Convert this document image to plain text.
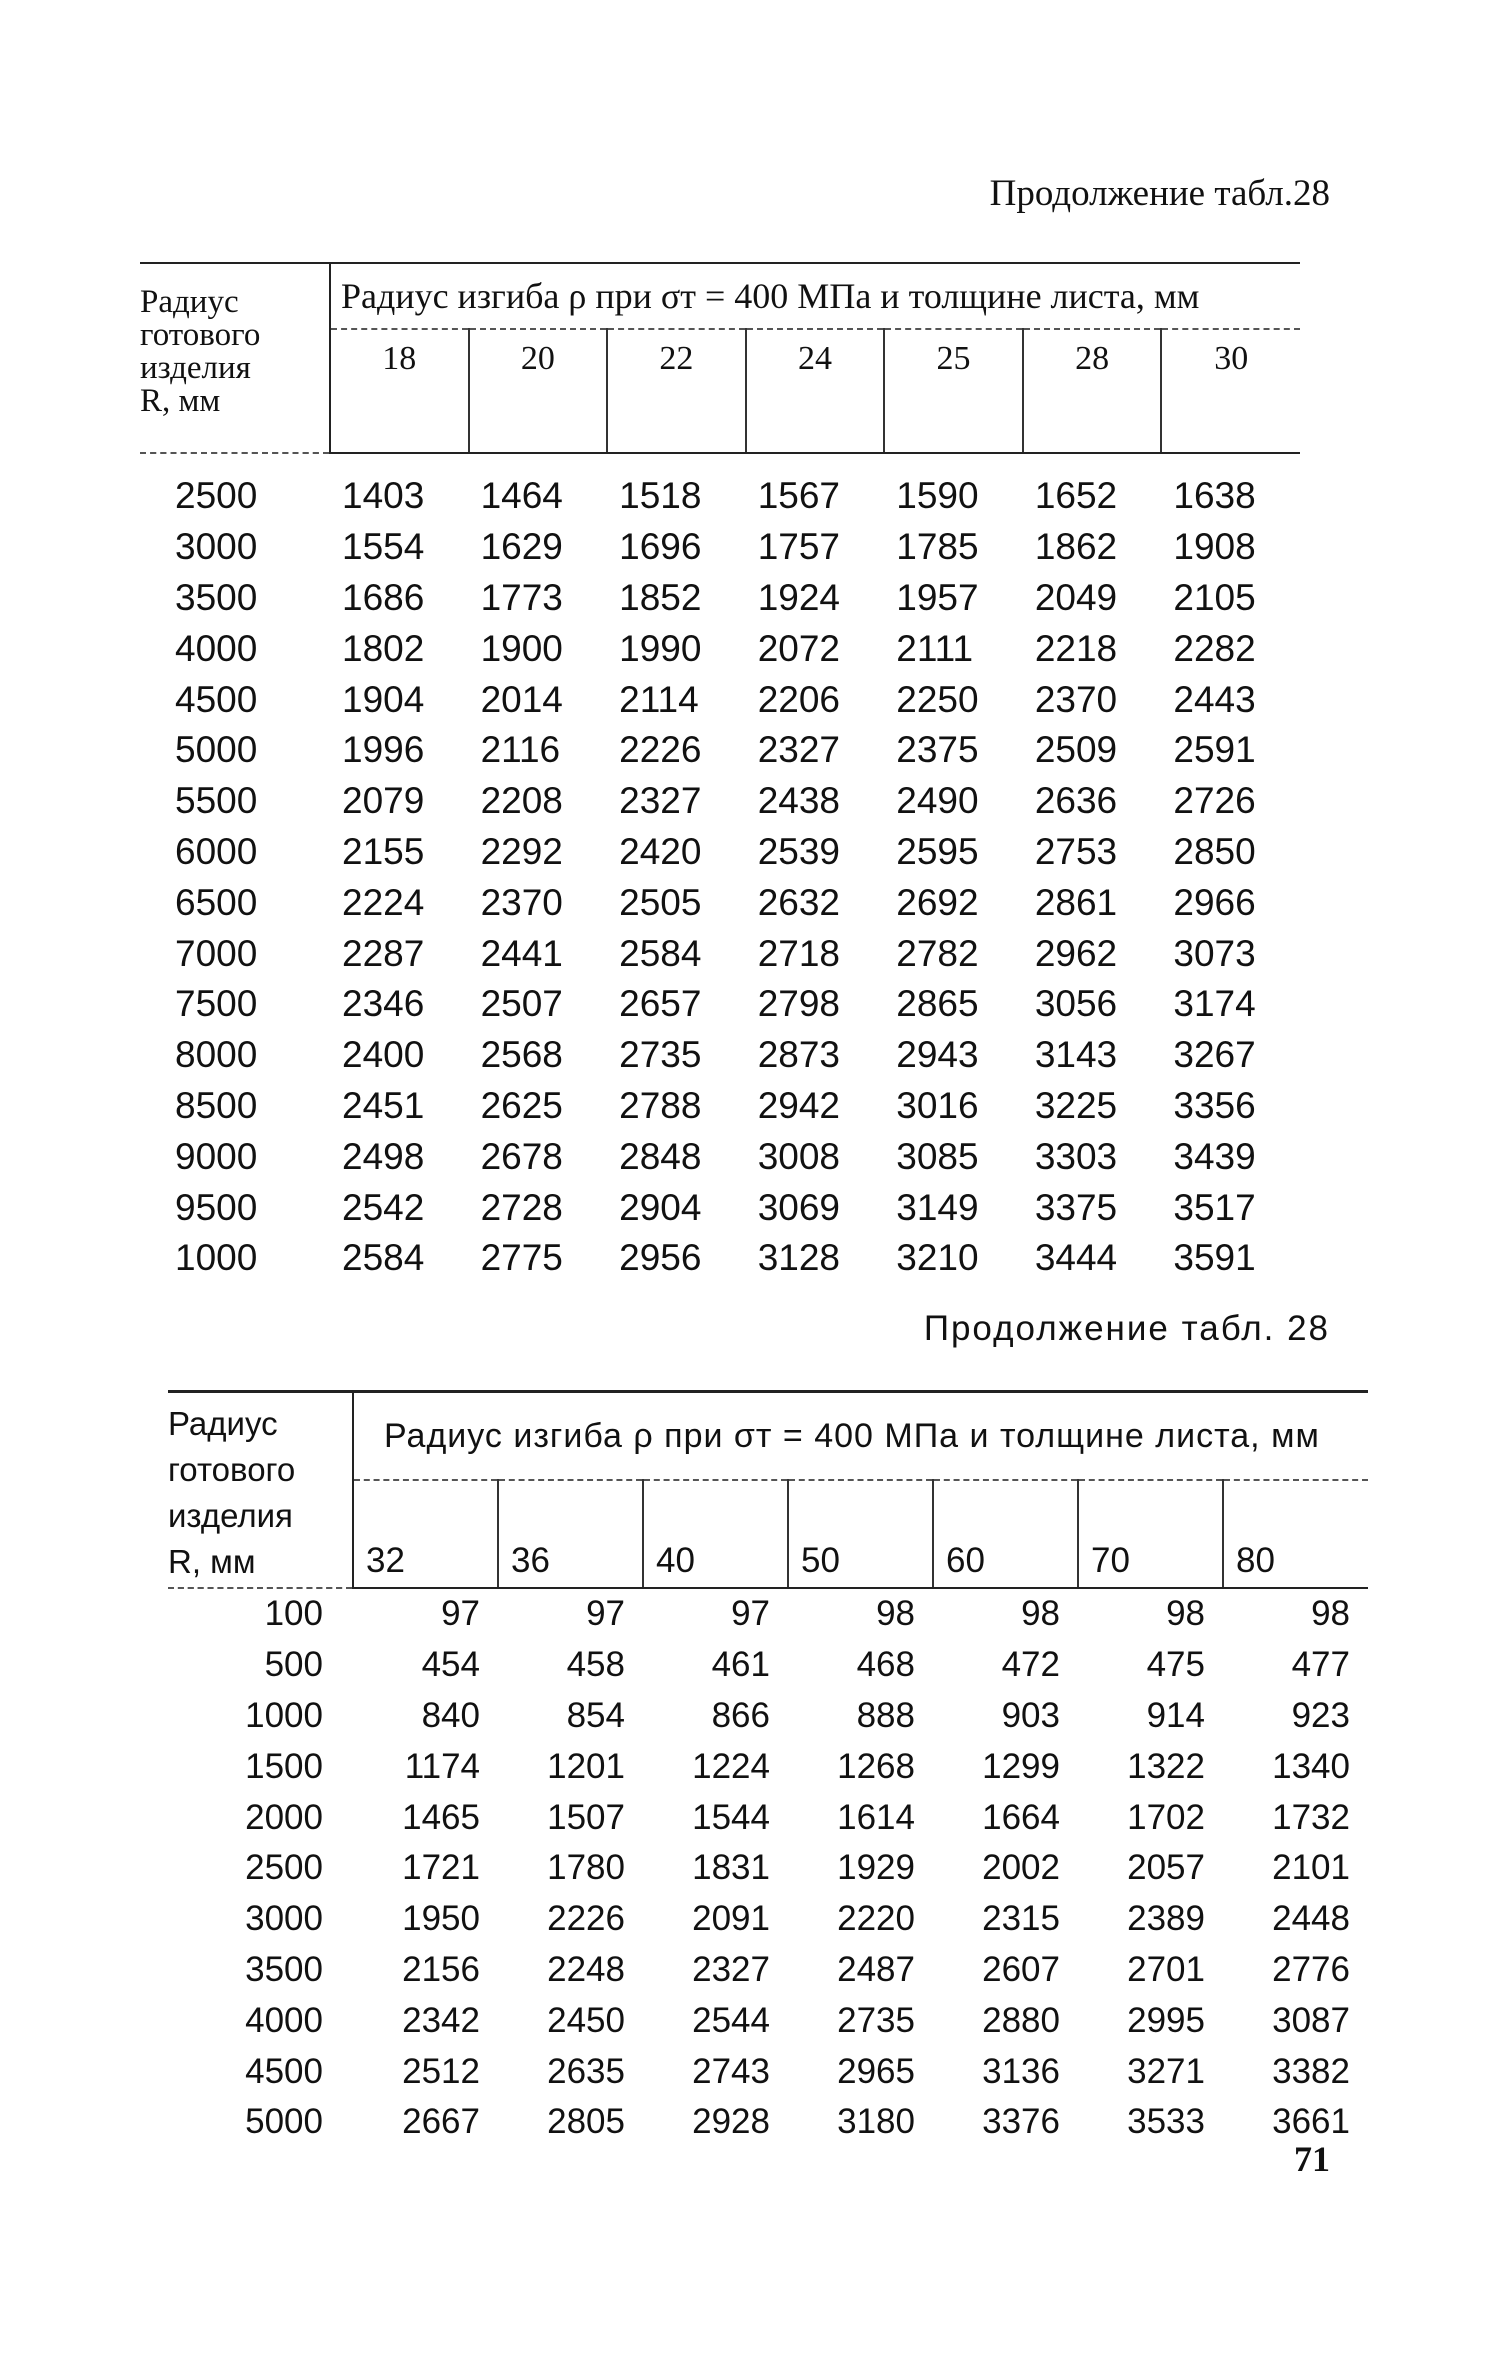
Продолжение табл.28
Радиус
готового
изделия
R, мм	Радиус изгиба ρ при σт = 400 МПа и толщине листа, мм						
	18	20	22	24	25	28	30
2500	1403	1464	1518	1567	1590	1652	1638
3000	1554	1629	1696	1757	1785	1862	1908
3500	1686	1773	1852	1924	1957	2049	2105
4000	1802	1900	1990	2072	2111	2218	2282
4500	1904	2014	2114	2206	2250	2370	2443
5000	1996	2116	2226	2327	2375	2509	2591
5500	2079	2208	2327	2438	2490	2636	2726
6000	2155	2292	2420	2539	2595	2753	2850
6500	2224	2370	2505	2632	2692	2861	2966
7000	2287	2441	2584	2718	2782	2962	3073
7500	2346	2507	2657	2798	2865	3056	3174
8000	2400	2568	2735	2873	2943	3143	3267
8500	2451	2625	2788	2942	3016	3225	3356
9000	2498	2678	2848	3008	3085	3303	3439
9500	2542	2728	2904	3069	3149	3375	3517
1000	2584	2775	2956	3128	3210	3444	3591
Продолжение табл. 28
Радиус
готового
изделия
R, мм	Радиус изгиба ρ при σт = 400 МПа и толщине листа, мм						
	32	36	40	50	60	70	80
100	97	97	97	98	98	98	98
500	454	458	461	468	472	475	477
1000	840	854	866	888	903	914	923
1500	1174	1201	1224	1268	1299	1322	1340
2000	1465	1507	1544	1614	1664	1702	1732
2500	1721	1780	1831	1929	2002	2057	2101
3000	1950	2226	2091	2220	2315	2389	2448
3500	2156	2248	2327	2487	2607	2701	2776
4000	2342	2450	2544	2735	2880	2995	3087
4500	2512	2635	2743	2965	3136	3271	3382
5000	2667	2805	2928	3180	3376	3533	3661
71
